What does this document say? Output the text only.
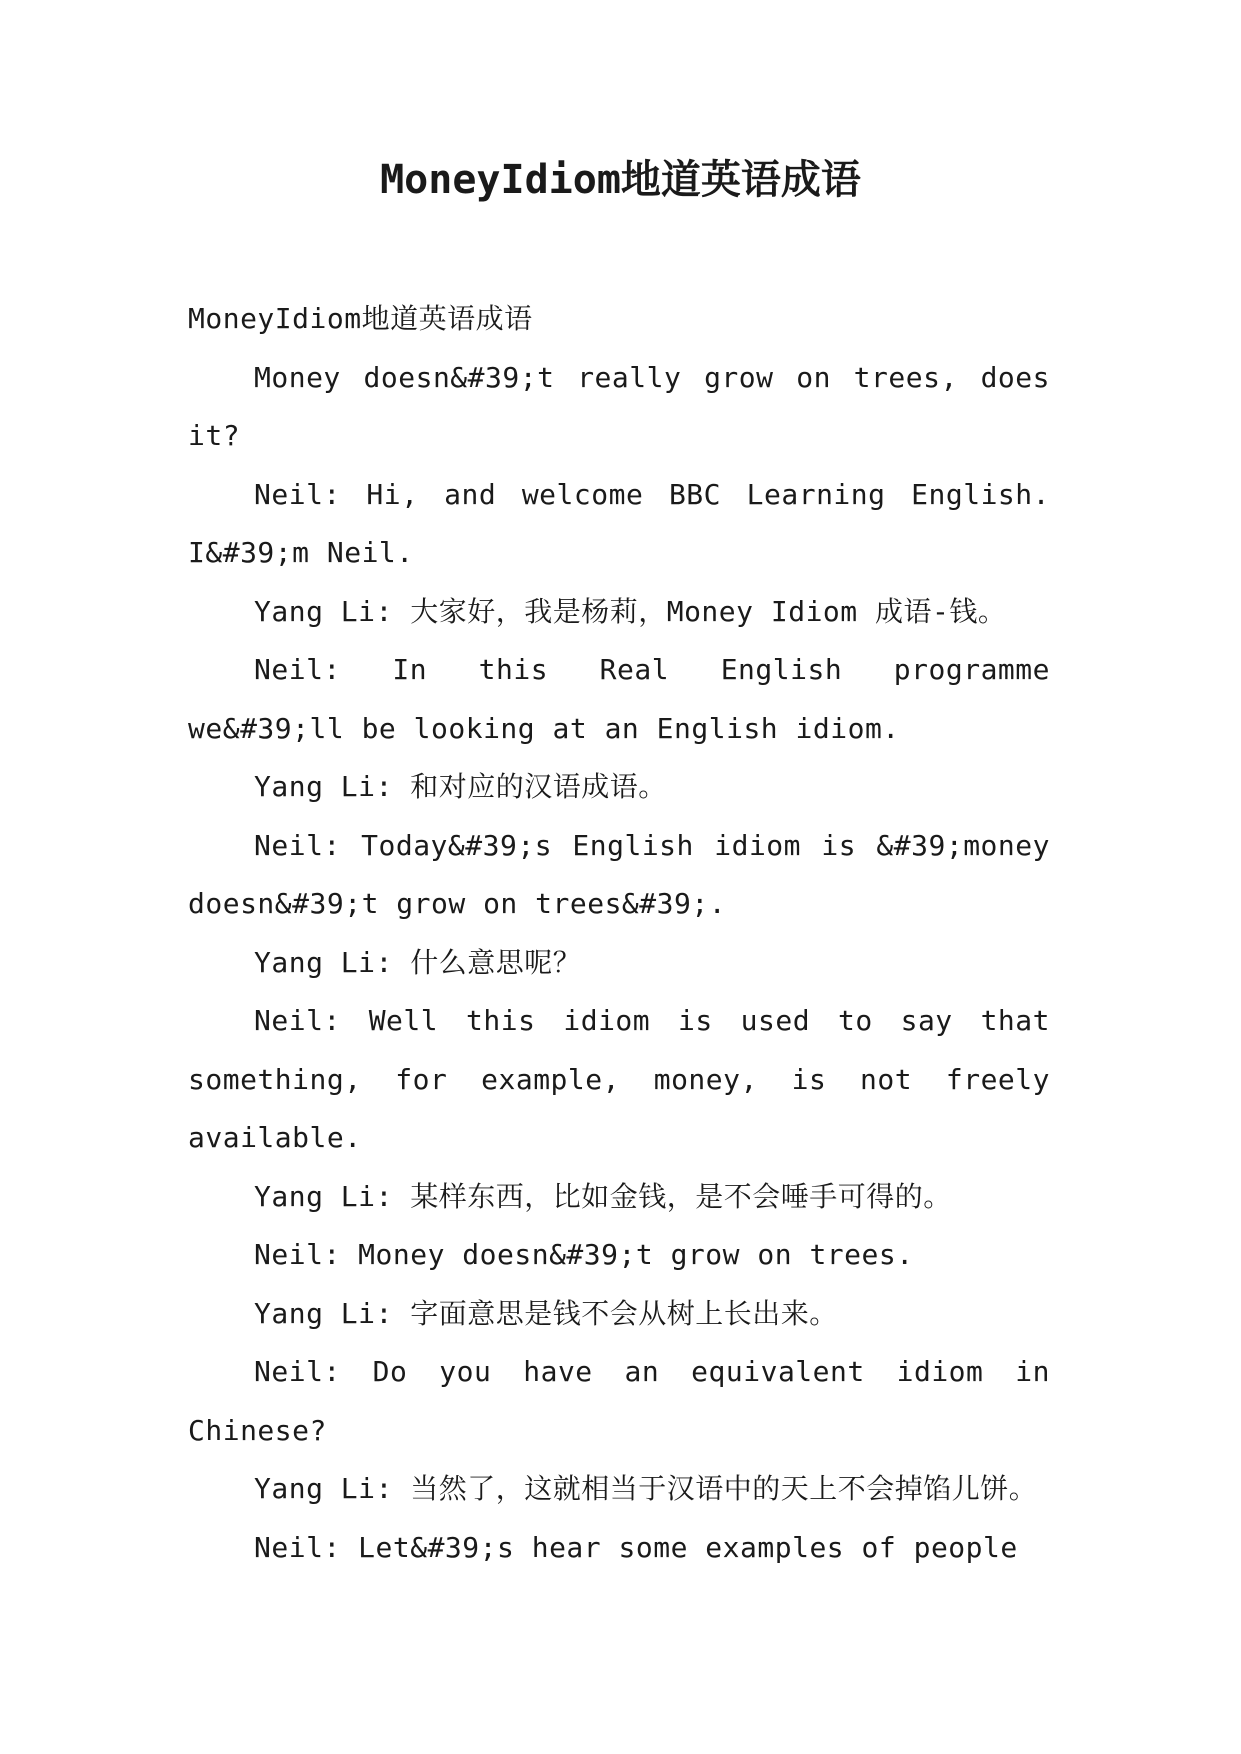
MoneyIdiom地道英语成语

MoneyIdiom地道英语成语

Money doesn&#39;t really grow on trees, does it?

Neil: Hi, and welcome BBC Learning English. I&#39;m Neil.

Yang Li: 大家好，我是杨莉，Money Idiom 成语-钱。

Neil: In this Real English programme we&#39;ll be looking at an English idiom.

Yang Li: 和对应的汉语成语。

Neil: Today&#39;s English idiom is &#39;money doesn&#39;t grow on trees&#39;.

Yang Li: 什么意思呢？

Neil: Well this idiom is used to say that something, for example, money, is not freely available.

Yang Li: 某样东西，比如金钱，是不会唾手可得的。

Neil: Money doesn&#39;t grow on trees.

Yang Li: 字面意思是钱不会从树上长出来。

Neil: Do you have an equivalent idiom in Chinese?

Yang Li: 当然了，这就相当于汉语中的天上不会掉馅儿饼。

Neil: Let&#39;s hear some examples of people
